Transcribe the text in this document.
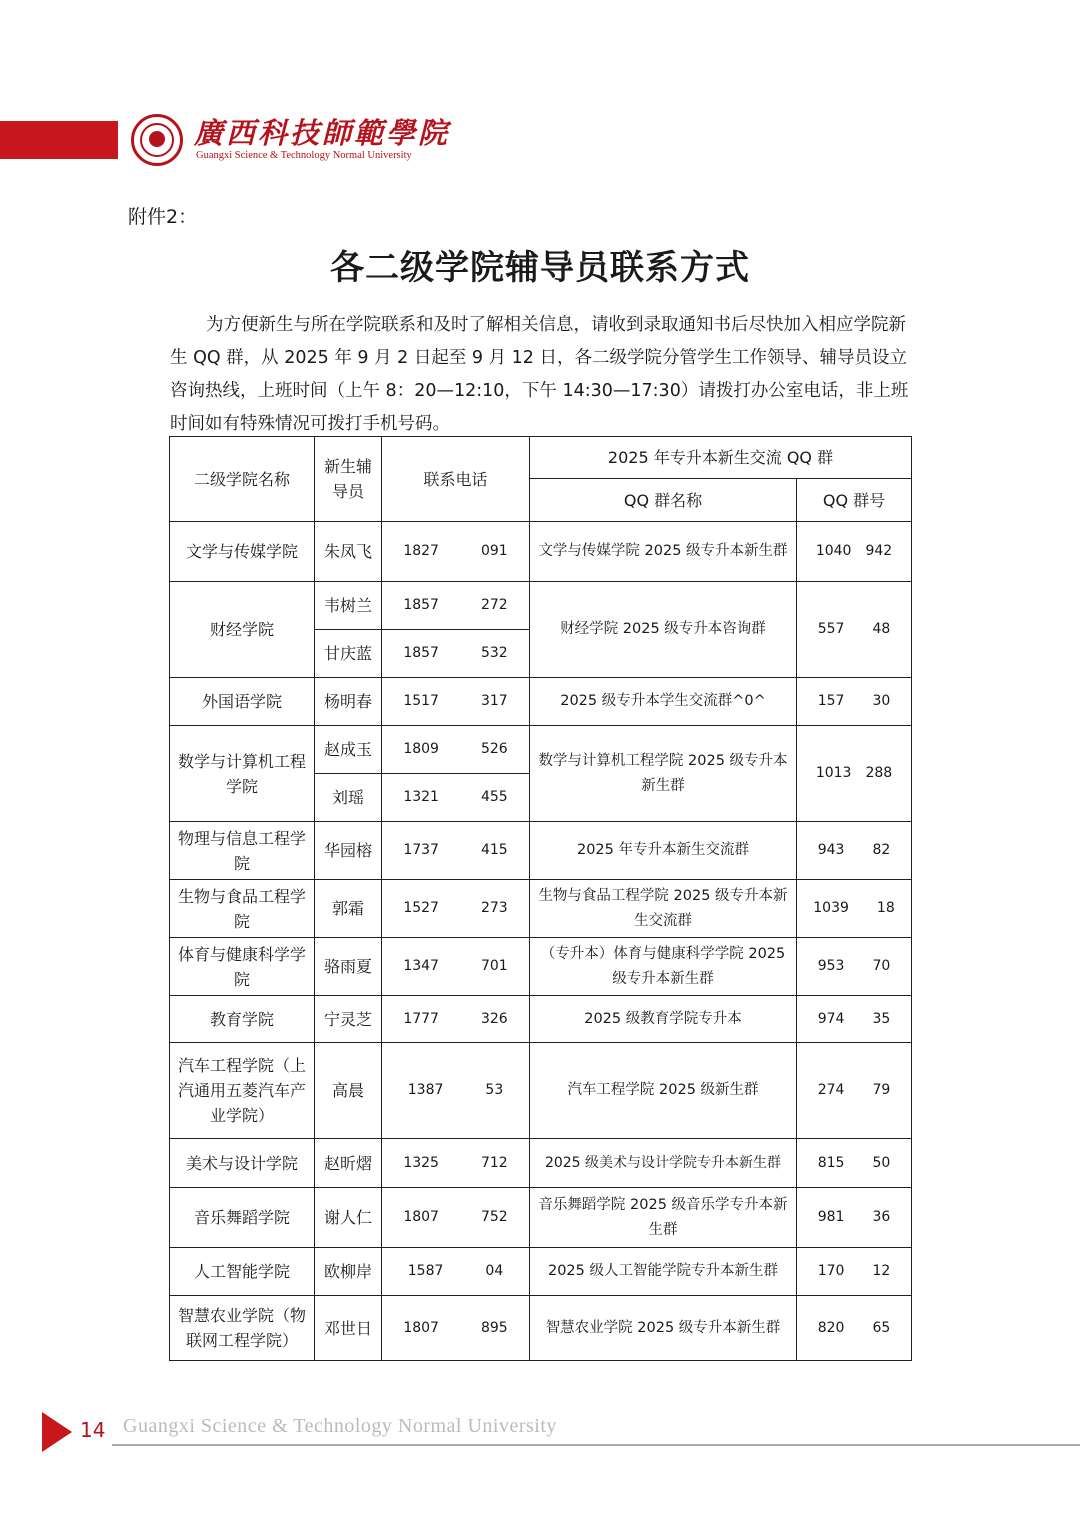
廣西科技師範學院
Guangxi Science & Technology Normal University
附件2：
各二级学院辅导员联系方式
为方便新生与所在学院联系和及时了解相关信息，请收到录取通知书后尽快加入相应学院新生 QQ 群，从 2025 年 9 月 2 日起至 9 月 12 日，各二级学院分管学生工作领导、辅导员设立咨询热线，上班时间（上午 8：20—12:10，下午 14:30—17:30）请拨打办公室电话，非上班时间如有特殊情况可拨打手机号码。
二级学院名称	新生辅导员	联系电话	2025 年专升本新生交流 QQ 群	
			QQ 群名称	QQ 群号
文学与传媒学院	朱凤飞	1827　　　 091	文学与传媒学院 2025 级专升本新生群	1040　 942
财经学院	韦树兰	1857　　　 272	财经学院 2025 级专升本咨询群	557　　 48
	甘庆蓝	1857　　　 532		
外国语学院	杨明春	1517　　　 317	2025 级专升本学生交流群^0^	157　　 30
数学与计算机工程学院	赵成玉	1809　　　 526	数学与计算机工程学院 2025 级专升本新生群	1013　 288
	刘瑶	1321　　　 455		
物理与信息工程学院	华园榕	1737　　　 415	2025 年专升本新生交流群	943　　 82
生物与食品工程学院	郭霜	1527　　　 273	生物与食品工程学院 2025 级专升本新生交流群	1039　　 18
体育与健康科学学院	骆雨夏	1347　　　 701	（专升本）体育与健康科学学院 2025 级专升本新生群	953　　 70
教育学院	宁灵芝	1777　　　 326	2025 级教育学院专升本	974　　 35
汽车工程学院（上汽通用五菱汽车产业学院）	高晨	1387　　　 53	汽车工程学院 2025 级新生群	274　　 79
美术与设计学院	赵昕熠	1325　　　 712	2025 级美术与设计学院专升本新生群	815　　 50
音乐舞蹈学院	谢人仁	1807　　　 752	音乐舞蹈学院 2025 级音乐学专升本新生群	981　　 36
人工智能学院	欧柳岸	1587　　　 04	2025 级人工智能学院专升本新生群	170　　 12
智慧农业学院（物联网工程学院）	邓世日	1807　　　 895	智慧农业学院 2025 级专升本新生群	820　　 65
14 Guangxi Science & Technology Normal University
